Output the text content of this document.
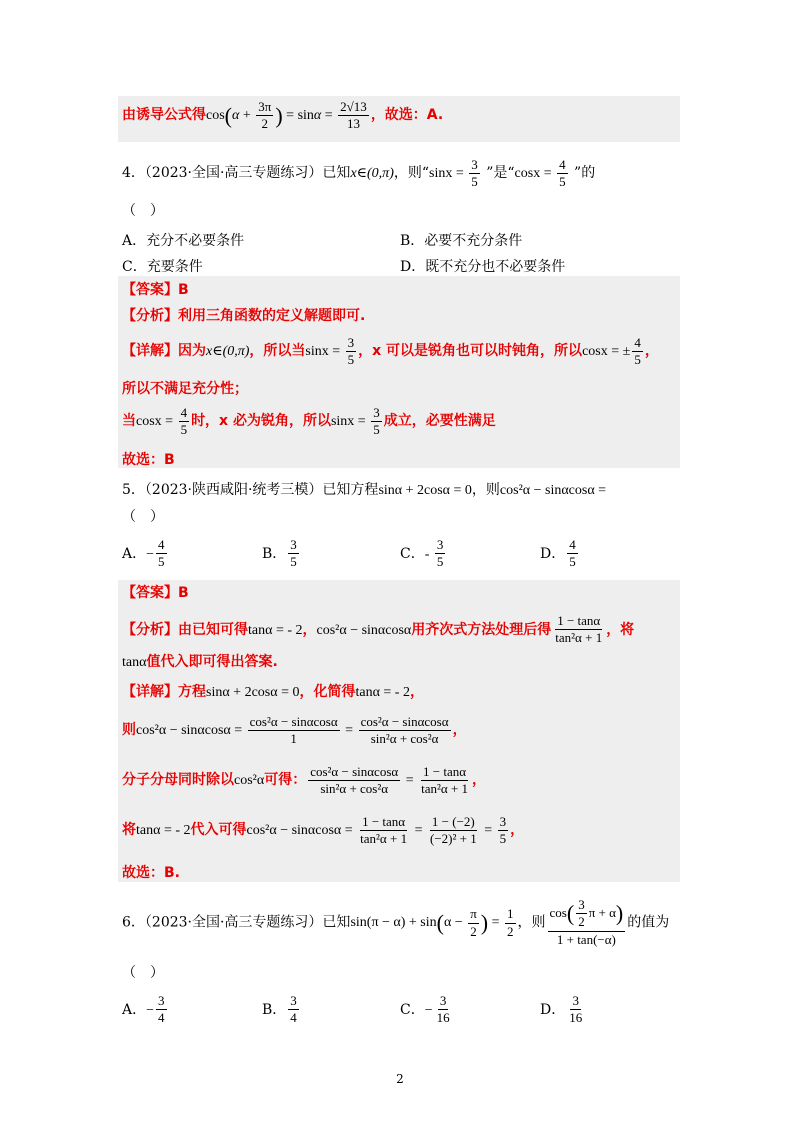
由诱导公式得$\cos(\alpha + \frac{3\pi}{2}$ ) = $\sin\alpha = \frac{2√13}{13}$ ，故选：A.
4．（2023·全国·高三专题练习）已知x∈(0,π)，则“$\sin x = \frac{3}{5}$ ”是“$\cos x = \frac{4}{5}$ ”的
（　）
A．充分不必要条件	B．必要不充分条件
C．充要条件	D．既不充分也不必要条件
【答案】B
【分析】利用三角函数的定义解题即可.
【详解】因为x∈(0,π)，所以当$\sin x = \frac{3}{5}$ ，x 可以是锐角也可以时钝角，所以cosx = ± $\frac{4}{5}$ ，
所以不满足充分性；
当$\cos x = \frac{4}{5}$ 时，x 必为锐角，所以$\sin x = \frac{3}{5}$ 成立，必要性满足
故选：B
5．（2023·陕西咸阳·统考三模）已知方程sinα + 2cosα = 0，则cos²α − sinαcosα =
（　）
A．− $\frac{4}{5}$	B． $\frac{3}{5}$	C．- $\frac{3}{5}$	D． $\frac{4}{5}$
【答案】B
【分析】由已知可得tanα = - 2，cos²α − sinαcosα用齐次式方法处理后得 $\frac{1 - \tan\alpha}{\text{tan²α + 1}}$ ，将
tanα值代入即可得出答案.
【详解】方程sinα + 2cosα = 0，化简得tanα = - 2，
则$\cos^2\alpha - \sin\alpha\cos\alpha = \frac{\text{cos²α − sinαcosα}}{1} = \frac{\text{cos²α − sinαcosα}}{\text{sin²α + cos²α}}$ ，
分子分母同时除以cos²α可得： $\frac{\text{cos²α − sinαcosα}}{\text{sin²α + cos²α}} = \frac{1 - \tan\alpha}{\text{tan²α + 1}}$ ，
将tanα = - 2代入可得$\cos^2\alpha - \sin\alpha\cos\alpha = \frac{1 - \tan\alpha}{\text{tan²α + 1}} = \frac{1 - (-2)}{\text{(−2)² + 1}} = \frac{3}{5}$ ，
故选：B.
6．（2023·全国·高三专题练习）已知$\sin(\pi - \alpha) + \sin(\alpha - \frac{\pi}{2}$ ) = $\frac{1}{2}$ ，则 $\frac{\cos( \frac{3}{2} \pi + \alpha)}{1 + \tan(-\alpha)}$ 的值为
（　）
A．− $\frac{3}{4}$	B． $\frac{3}{4}$	C．− $\frac{3}{16}$	D． $\frac{3}{16}$
2
